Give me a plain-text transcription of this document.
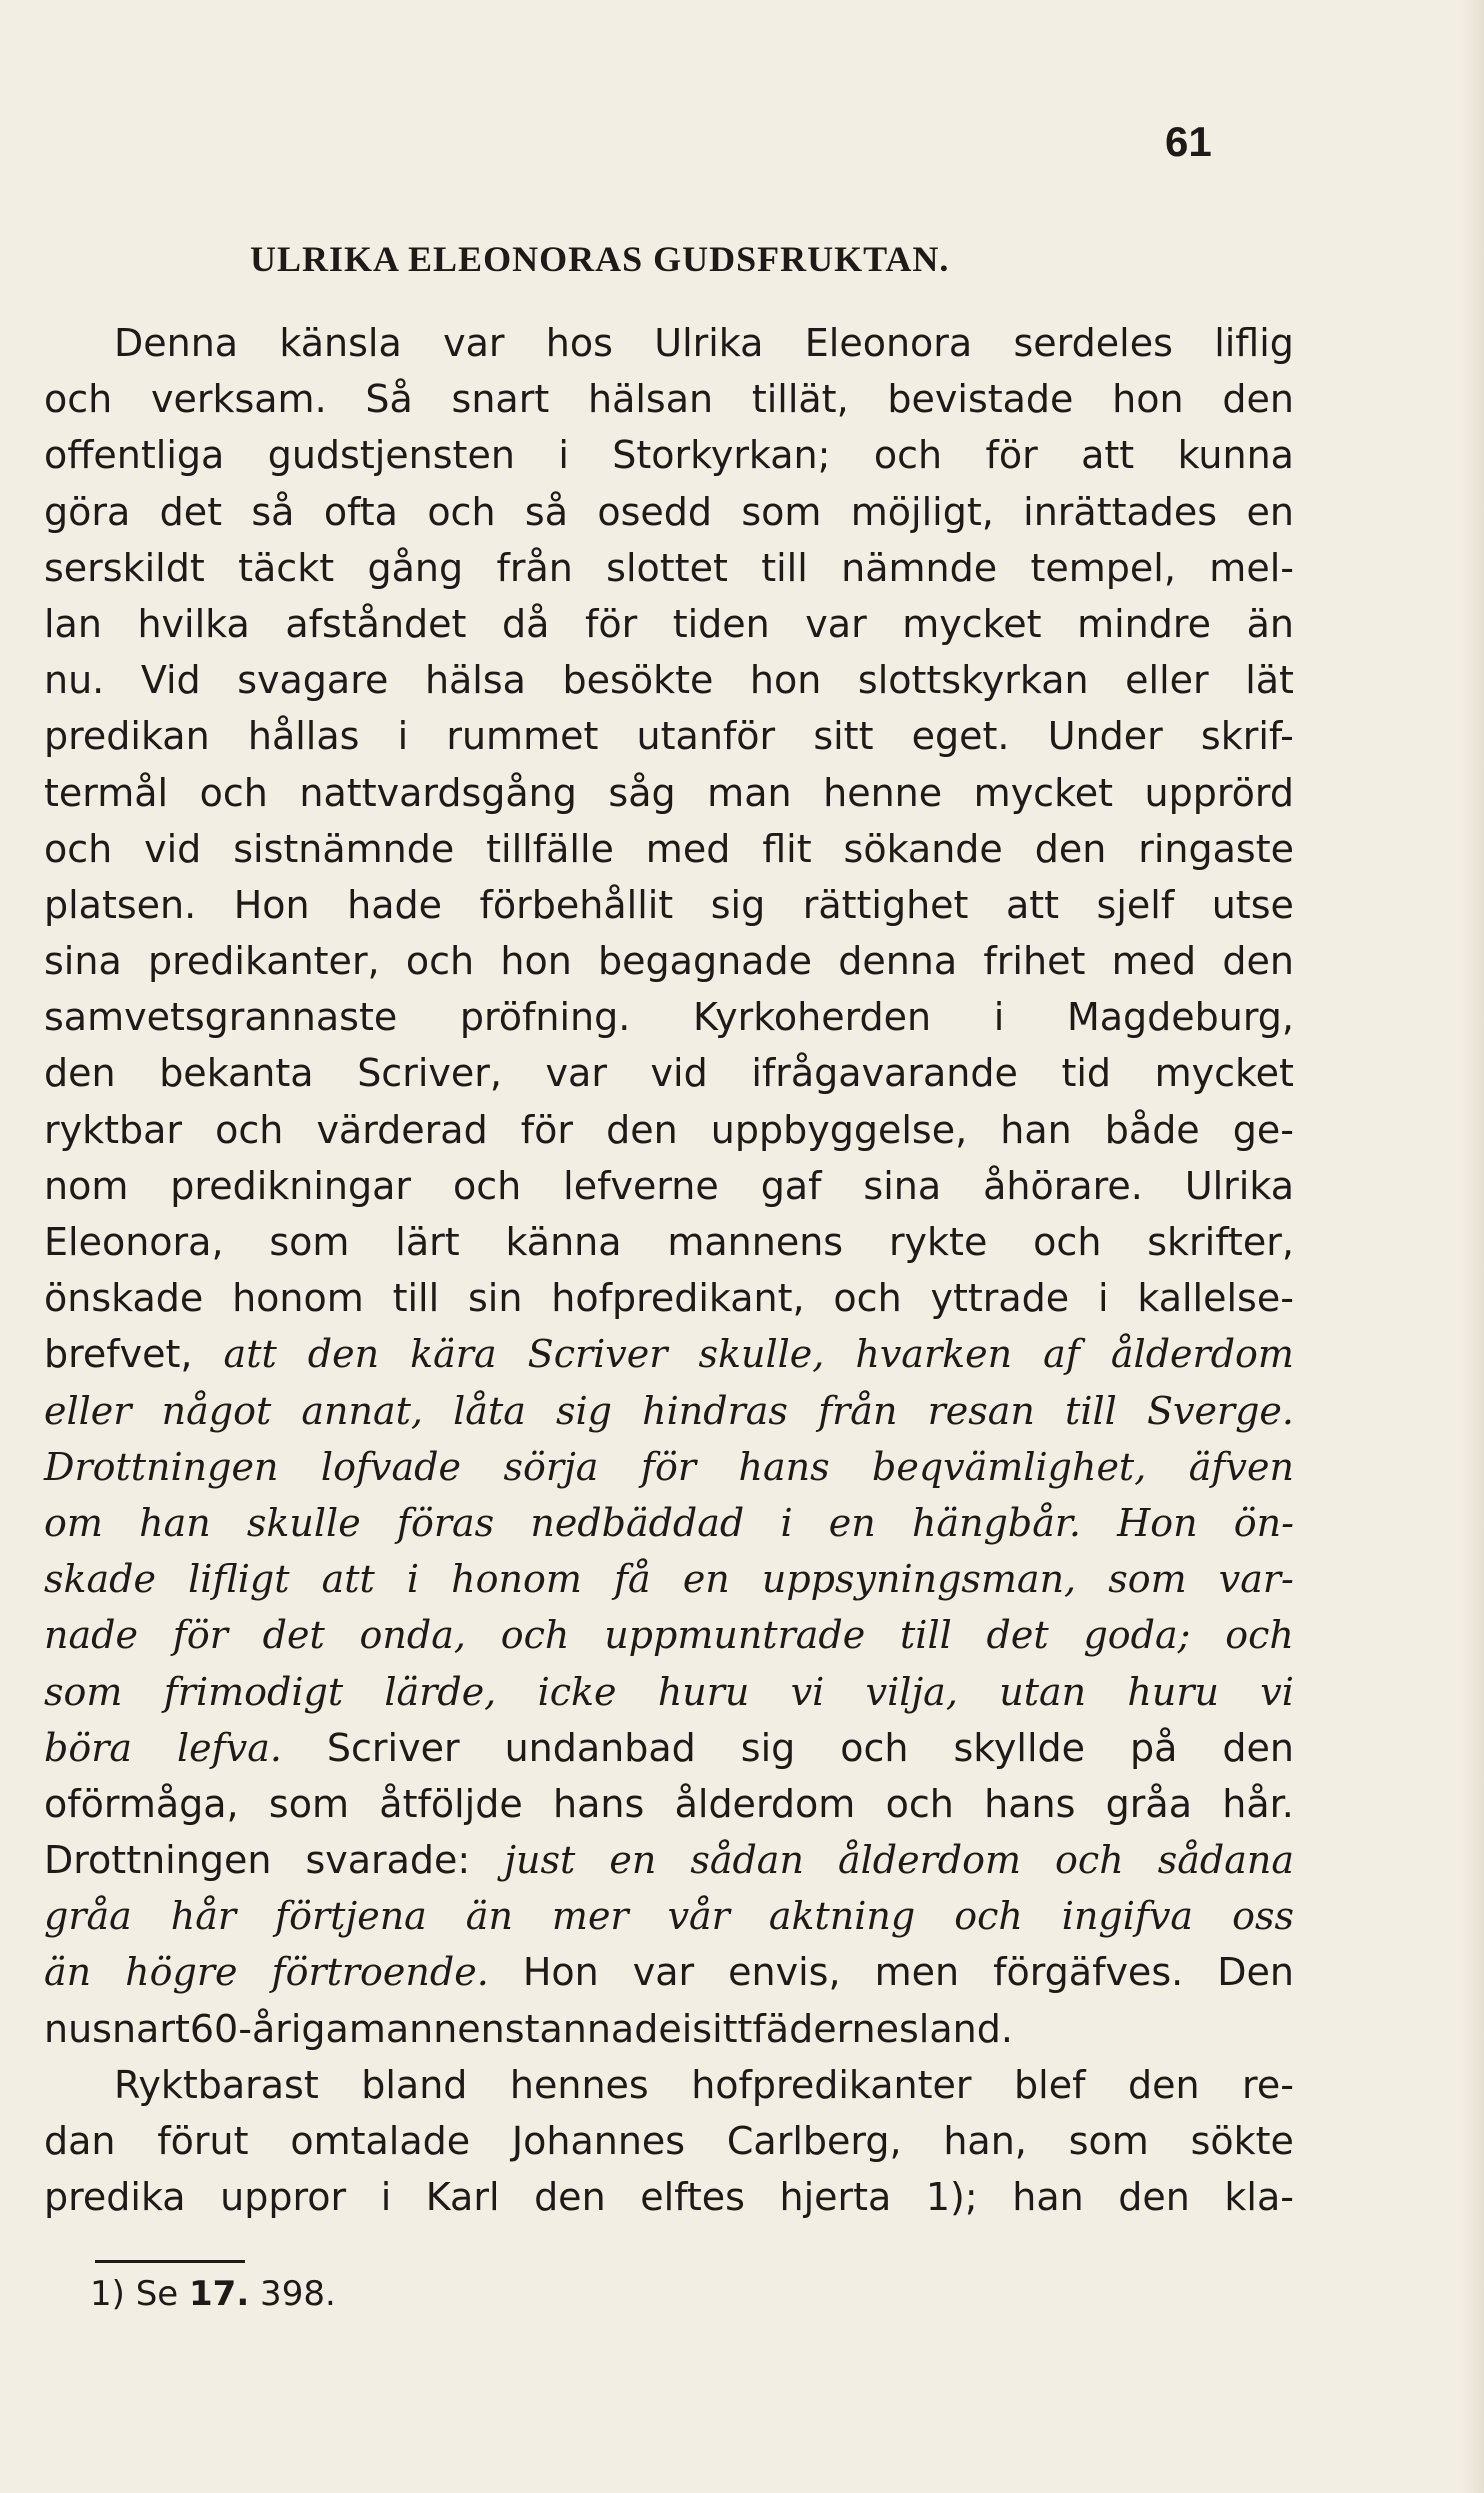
61
ULRIKA ELEONORAS GUDSFRUKTAN.
Denna känsla var hos Ulrika Eleonora serdeles liflig
och verksam. Så snart hälsan tillät, bevistade hon den
offentliga gudstjensten i Storkyrkan; och för att kunna
göra det så ofta och så osedd som möjligt, inrättades en
serskildt täckt gång från slottet till nämnde tempel, mel-
lan hvilka afståndet då för tiden var mycket mindre än
nu. Vid svagare hälsa besökte hon slottskyrkan eller lät
predikan hållas i rummet utanför sitt eget. Under skrif-
termål och nattvardsgång såg man henne mycket upprörd
och vid sistnämnde tillfälle med flit sökande den ringaste
platsen. Hon hade förbehållit sig rättighet att sjelf utse
sina predikanter, och hon begagnade denna frihet med den
samvetsgrannaste pröfning. Kyrkoherden i Magdeburg,
den bekanta Scriver, var vid ifrågavarande tid mycket
ryktbar och värderad för den uppbyggelse, han både ge-
nom predikningar och lefverne gaf sina åhörare. Ulrika
Eleonora, som lärt känna mannens rykte och skrifter,
önskade honom till sin hofpredikant, och yttrade i kallelse-
brefvet, att den kära Scriver skulle, hvarken af ålderdom
eller något annat, låta sig hindras från resan till Sverge.
Drottningen lofvade sörja för hans beqvämlighet, äfven
om han skulle föras nedbäddad i en hängbår. Hon ön-
skade lifligt att i honom få en uppsyningsman, som var-
nade för det onda, och uppmuntrade till det goda; och
som frimodigt lärde, icke huru vi vilja, utan huru vi
böra lefva. Scriver undanbad sig och skyllde på den
oförmåga, som åtföljde hans ålderdom och hans gråa hår.
Drottningen svarade: just en sådan ålderdom och sådana
gråa hår förtjena än mer vår aktning och ingifva oss
än högre förtroende. Hon var envis, men förgäfves. Den
nu snart 60-åriga mannen stannade i sitt fädernesland.
Ryktbarast bland hennes hofpredikanter blef den re-
dan förut omtalade Johannes Carlberg, han, som sökte
predika uppror i Karl den elftes hjerta 1); han den kla-
1) Se 17. 398.
